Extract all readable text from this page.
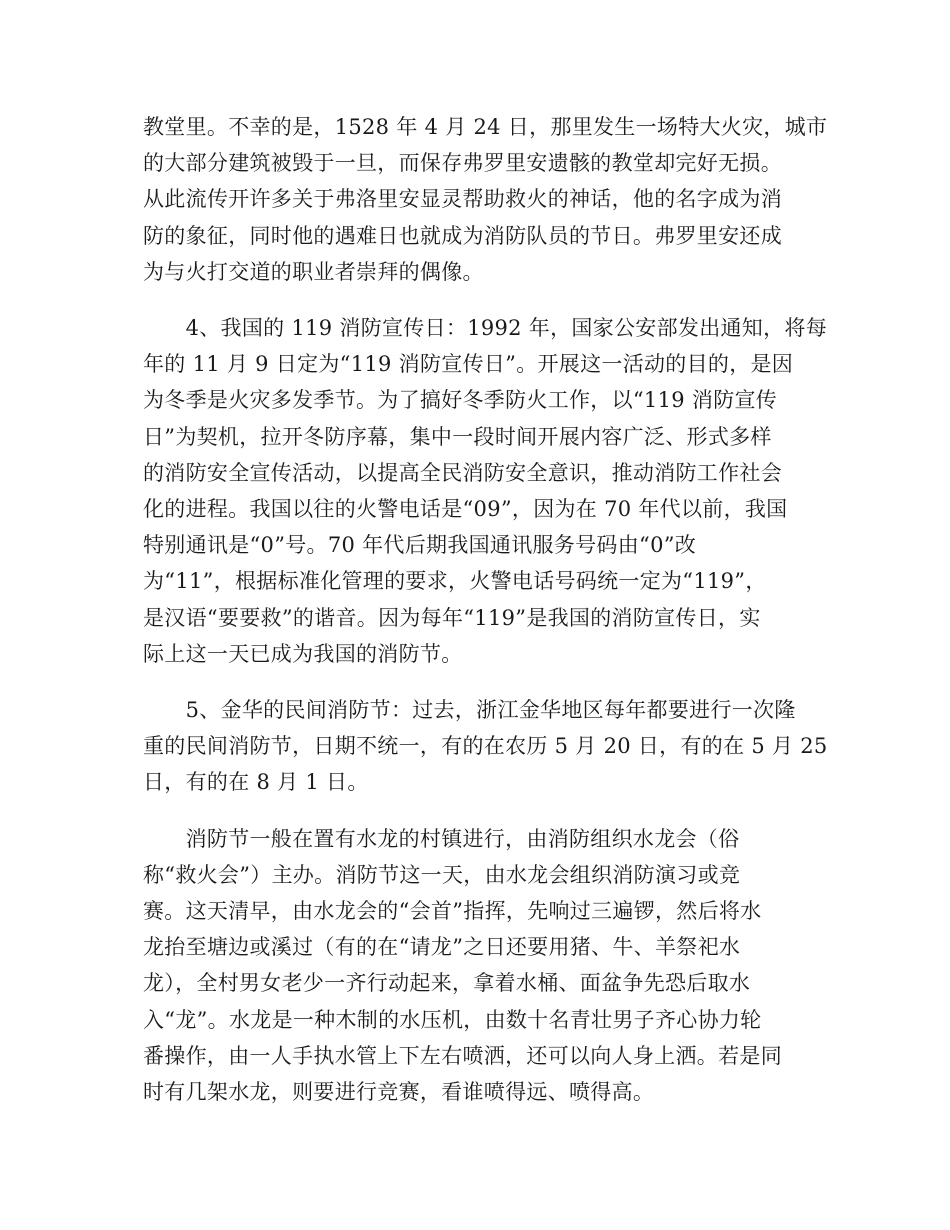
教堂里。不幸的是，1528 年 4 月 24 日，那里发生一场特大火灾，城市
的大部分建筑被毁于一旦，而保存弗罗里安遗骸的教堂却完好无损。
从此流传开许多关于弗洛里安显灵帮助救火的神话，他的名字成为消
防的象征，同时他的遇难日也就成为消防队员的节日。弗罗里安还成
为与火打交道的职业者崇拜的偶像。

　　4、我国的 119 消防宣传日：1992 年，国家公安部发出通知，将每
年的 11 月 9 日定为“119 消防宣传日”。开展这一活动的目的，是因
为冬季是火灾多发季节。为了搞好冬季防火工作，以“119 消防宣传
日”为契机，拉开冬防序幕，集中一段时间开展内容广泛、形式多样
的消防安全宣传活动，以提高全民消防安全意识，推动消防工作社会
化的进程。我国以往的火警电话是“09”，因为在 70 年代以前，我国
特别通讯是“0”号。70 年代后期我国通讯服务号码由“0”改
为“11”，根据标准化管理的要求，火警电话号码统一定为“119”，
是汉语“要要救”的谐音。因为每年“119”是我国的消防宣传日，实
际上这一天已成为我国的消防节。

　　5、金华的民间消防节：过去，浙江金华地区每年都要进行一次隆
重的民间消防节，日期不统一，有的在农历 5 月 20 日，有的在 5 月 25
日，有的在 8 月 1 日。

　　消防节一般在置有水龙的村镇进行，由消防组织水龙会（俗
称“救火会”）主办。消防节这一天，由水龙会组织消防演习或竞
赛。这天清早，由水龙会的“会首”指挥，先响过三遍锣，然后将水
龙抬至塘边或溪过（有的在“请龙”之日还要用猪、牛、羊祭祀水
龙），全村男女老少一齐行动起来，拿着水桶、面盆争先恐后取水
入“龙”。水龙是一种木制的水压机，由数十名青壮男子齐心协力轮
番操作，由一人手执水管上下左右喷洒，还可以向人身上洒。若是同
时有几架水龙，则要进行竞赛，看谁喷得远、喷得高。
